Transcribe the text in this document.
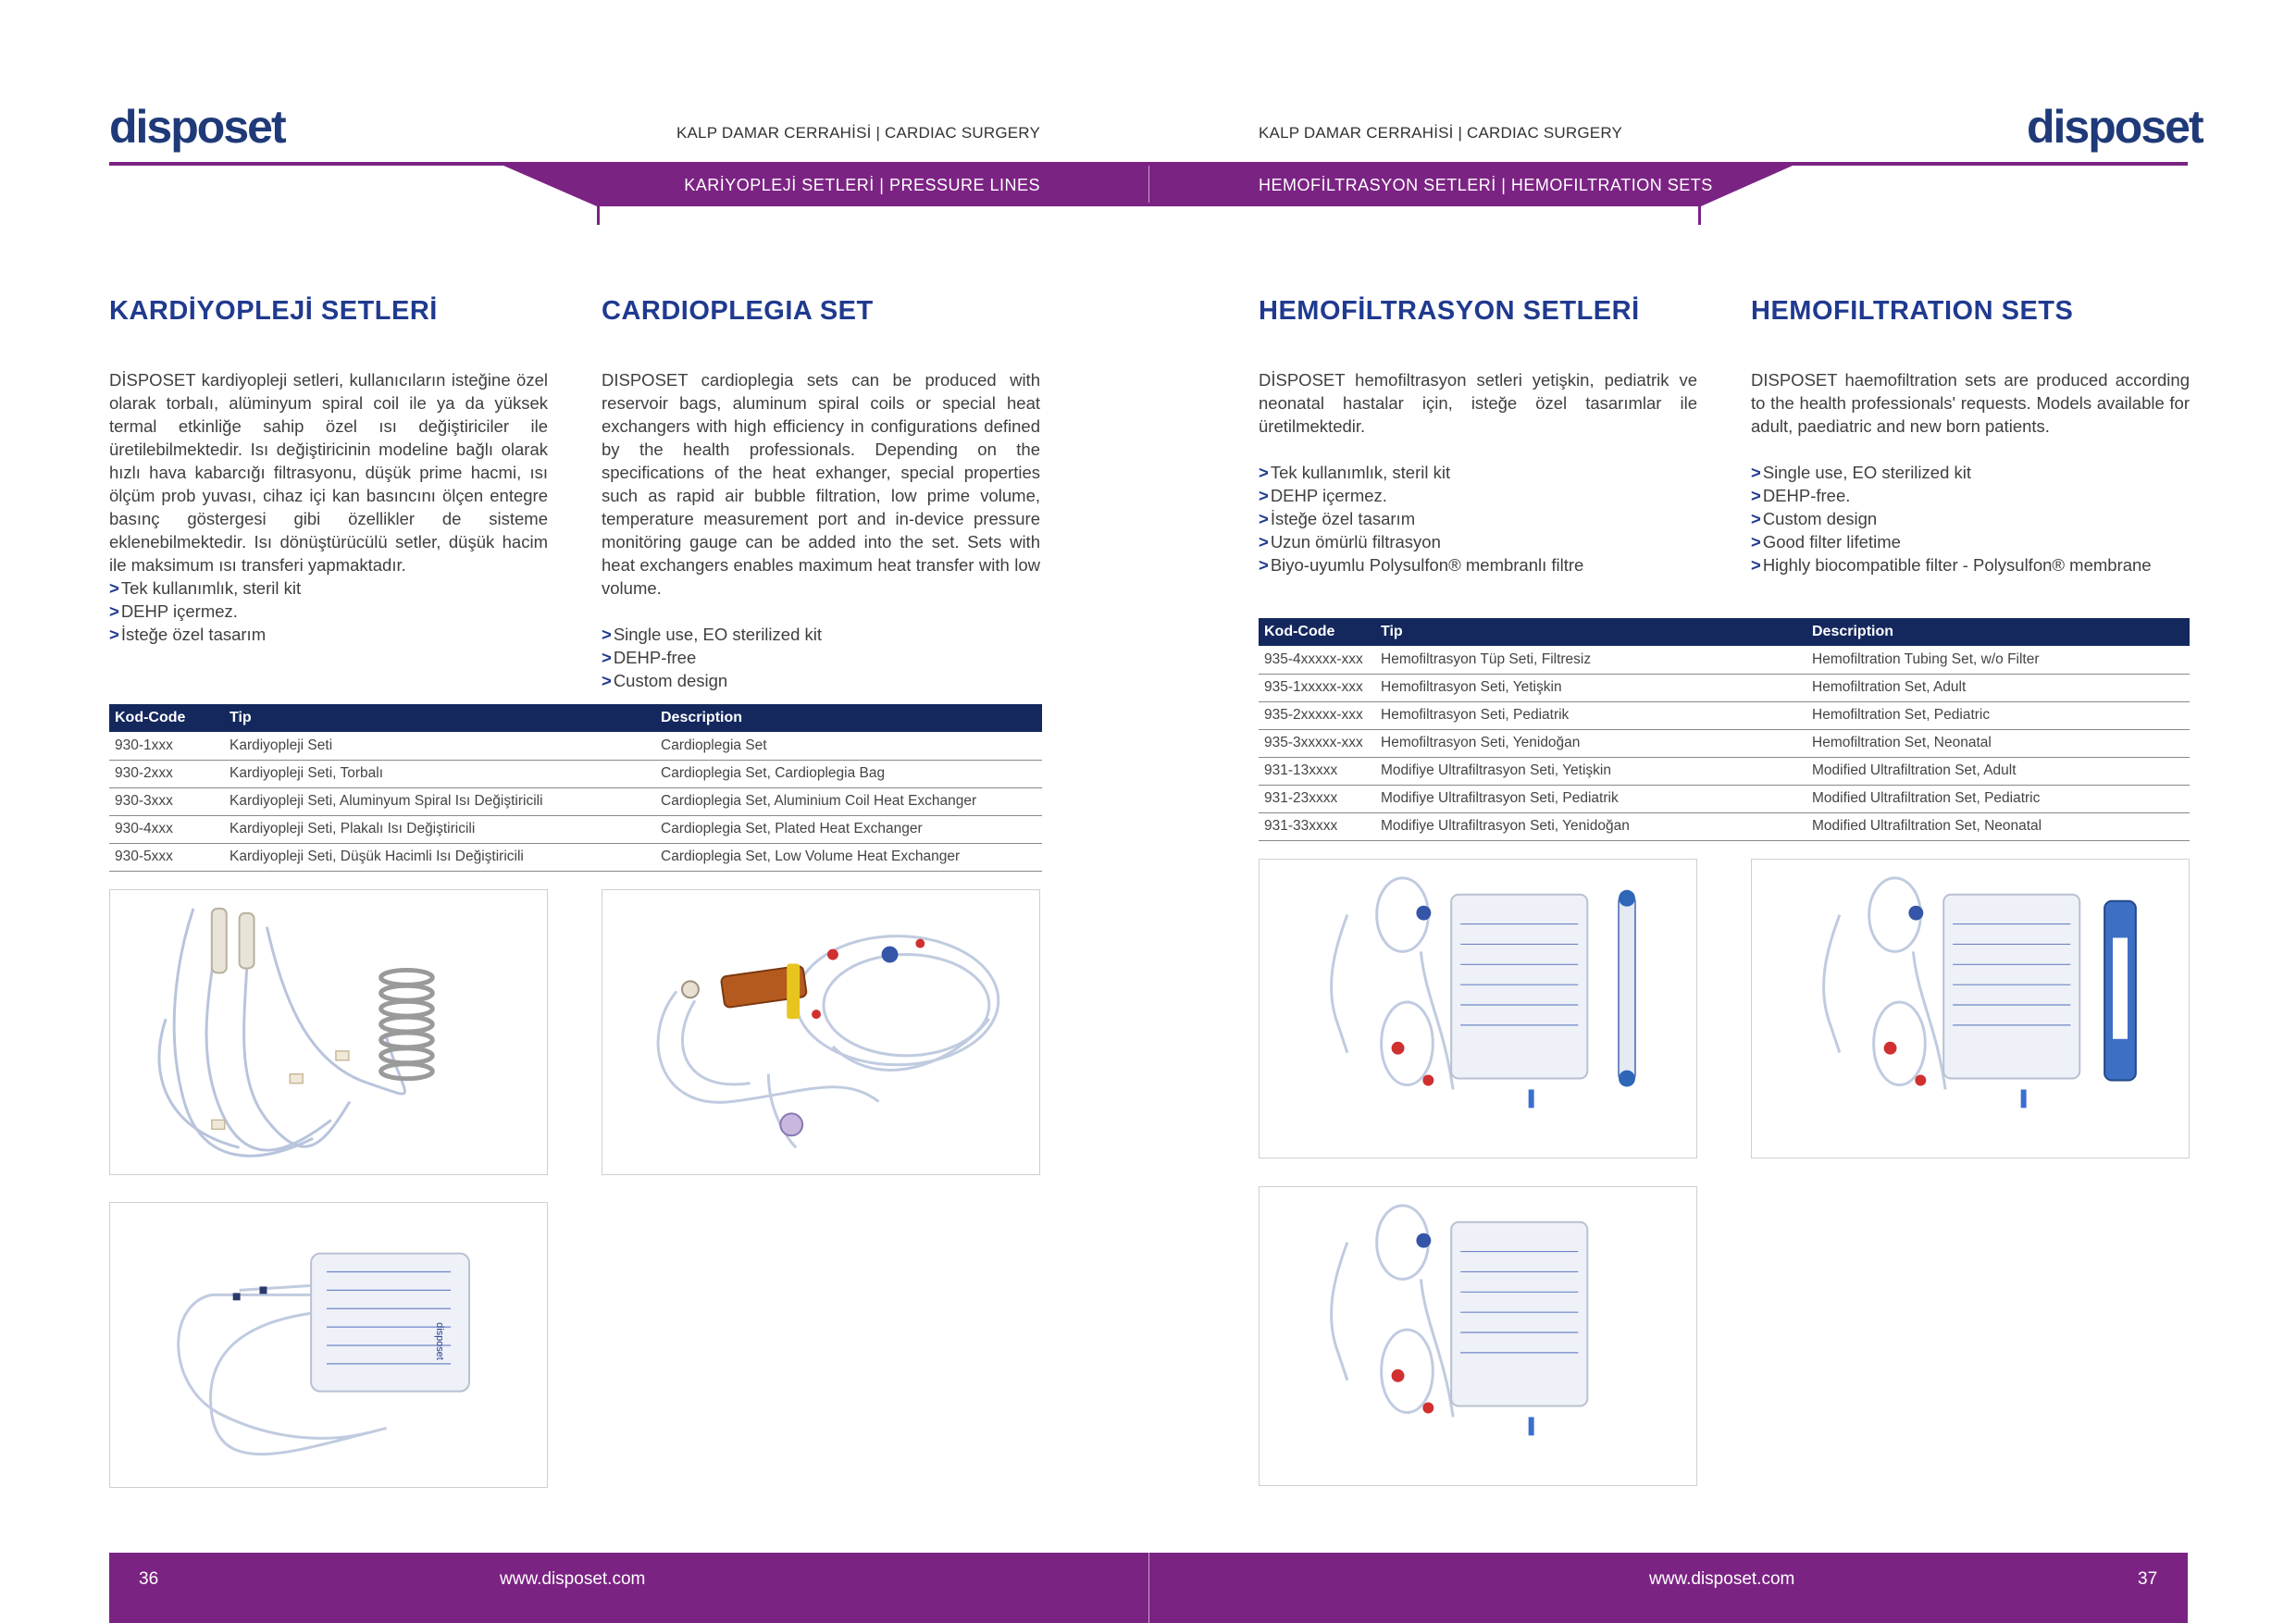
disposet	disposet
KALP DAMAR CERRAHİSİ | CARDIAC SURGERY	KALP DAMAR CERRAHİSİ | CARDIAC SURGERY
KARİYOPLEJİ SETLERİ | PRESSURE LINES	HEMOFİLTRASYON SETLERİ | HEMOFILTRATION SETS
KARDİYOPLEJİ SETLERİ	CARDIOPLEGIA SET

DİSPOSET kardiyopleji setleri, kullanıcıların isteğine özel olarak torbalı, alüminyum spiral coil ile ya da yüksek termal etkinliğe sahip özel ısı değiştiriciler ile üretilebilmektedir. Isı değiştiricinin modeline bağlı olarak hızlı hava kabarcığı filtrasyonu, düşük prime hacmi, ısı ölçüm prob yuvası, cihaz içi kan basıncını ölçen entegre basınç göstergesi gibi özellikler de sisteme eklenebilmektedir. Isı dönüştürücülü setler, düşük hacim ile maksimum ısı transferi yapmaktadır.

> Tek kullanımlık, steril kit
> DEHP içermez.
> İsteğe özel tasarım

DISPOSET cardioplegia sets can be produced with reservoir bags, aluminum spiral coils or special heat exchangers with high efficiency in configurations defined by the health professionals. Depending on the specifications of the heat exhanger, special properties such as rapid air bubble filtration, low prime volume, temperature measurement port and in-device pressure monitöring gauge can be added into the set. Sets with heat exchangers enables maximum heat transfer with low volume.

> Single use, EO sterilized kit
> DEHP-free
> Custom design
Kod-Code	Tip	Description
930-1xxx	Kardiyopleji Seti	Cardioplegia Set
930-2xxx	Kardiyopleji Seti, Torbalı	Cardioplegia Set, Cardioplegia Bag
930-3xxx	Kardiyopleji Seti, Aluminyum Spiral Isı Değiştiricili	Cardioplegia Set, Aluminium Coil Heat Exchanger
930-4xxx	Kardiyopleji Seti, Plakalı Isı Değiştiricili	Cardioplegia Set, Plated Heat Exchanger
930-5xxx	Kardiyopleji Seti, Düşük Hacimli Isı Değiştiricili	Cardioplegia Set, Low Volume Heat Exchanger
disposet
HEMOFİLTRASYON SETLERİ	HEMOFILTRATION SETS

DİSPOSET hemofiltrasyon setleri yetişkin, pediatrik ve neonatal hastalar için, isteğe özel tasarımlar ile üretilmektedir.

> Tek kullanımlık, steril kit
> DEHP içermez.
> İsteğe özel tasarım
> Uzun ömürlü filtrasyon
> Biyo-uyumlu Polysulfon® membranlı filtre

DISPOSET haemofiltration sets are produced according to the health professionals' requests. Models available for adult, paediatric and new born patients.

> Single use, EO sterilized kit
> DEHP-free.
> Custom design
> Good filter lifetime
> Highly biocompatible filter - Polysulfon® membrane
Kod-Code	Tip	Description
935-4xxxxx-xxx	Hemofiltrasyon Tüp Seti, Filtresiz	Hemofiltration Tubing Set, w/o Filter
935-1xxxxx-xxx	Hemofiltrasyon Seti, Yetişkin	Hemofiltration Set, Adult
935-2xxxxx-xxx	Hemofiltrasyon Seti, Pediatrik	Hemofiltration Set, Pediatric
935-3xxxxx-xxx	Hemofiltrasyon Seti, Yenidoğan	Hemofiltration Set, Neonatal
931-13xxxx	Modifiye Ultrafiltrasyon Seti, Yetişkin	Modified Ultrafiltration Set, Adult
931-23xxxx	Modifiye Ultrafiltrasyon Seti, Pediatrik	Modified Ultrafiltration Set, Pediatric
931-33xxxx	Modifiye Ultrafiltrasyon Seti, Yenidoğan	Modified Ultrafiltration Set, Neonatal
36	www.disposet.com	www.disposet.com	37
